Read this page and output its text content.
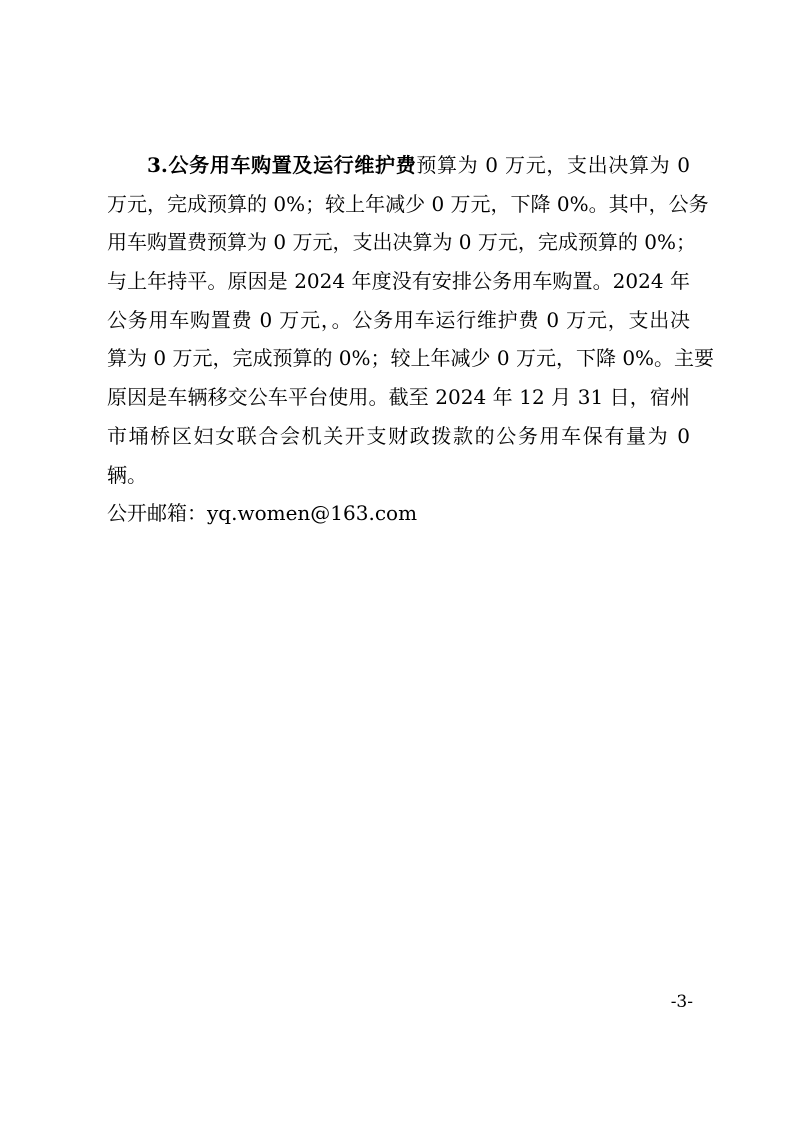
3.公务用车购置及运行维护费预算为 0 万元，支出决算为 0
万元，完成预算的 0%；较上年减少 0 万元，下降 0%。其中，公务
用车购置费预算为 0 万元，支出决算为 0 万元，完成预算的 0%；
与上年持平。原因是 2024 年度没有安排公务用车购置。2024 年
公务用车购置费 0 万元，。公务用车运行维护费 0 万元，支出决
算为 0 万元，完成预算的 0%；较上年减少 0 万元，下降 0%。主要
原因是车辆移交公车平台使用。截至 2024 年 12 月 31 日，宿州
市埇桥区妇女联合会机关开支财政拨款的公务用车保有量为 0
辆。
公开邮箱：yq.women@163.com
-3-
